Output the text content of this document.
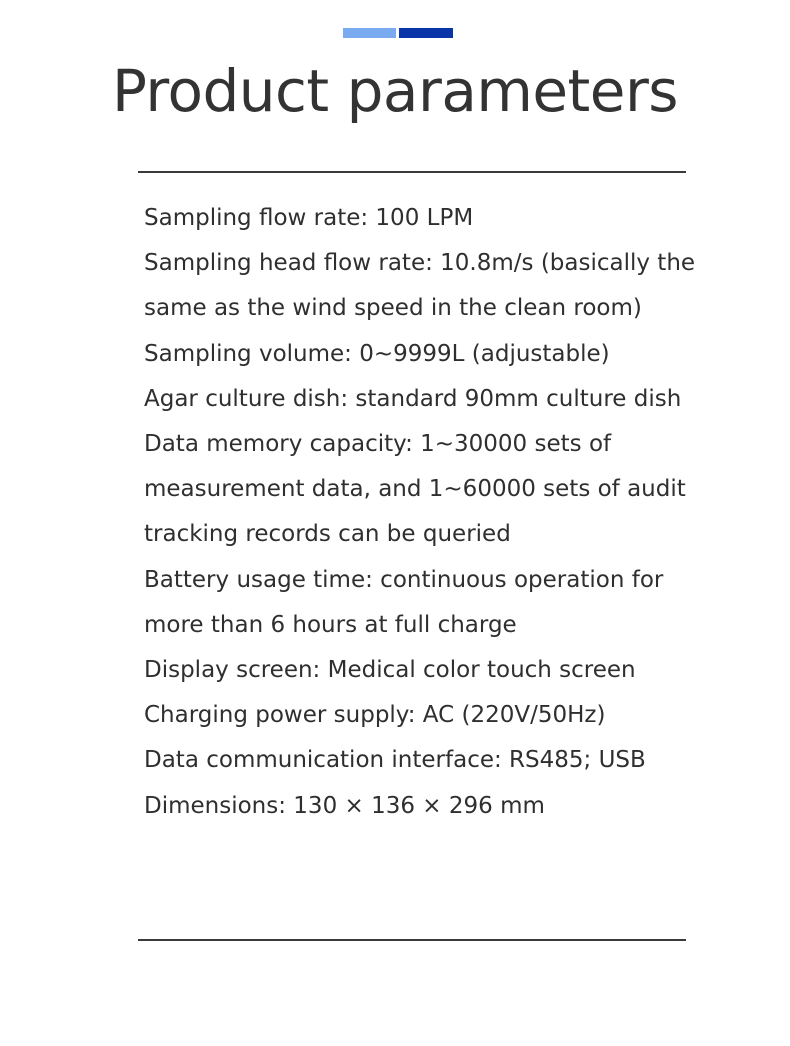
Product parameters
Sampling flow rate: 100 LPM
Sampling head flow rate: 10.8m/s (basically the same as the wind speed in the clean room)
Sampling volume: 0~9999L (adjustable)
Agar culture dish: standard 90mm culture dish
Data memory capacity: 1~30000 sets of measurement data, and 1~60000 sets of audit tracking records can be queried
Battery usage time: continuous operation for more than 6 hours at full charge
Display screen: Medical color touch screen
Charging power supply: AC (220V/50Hz)
Data communication interface: RS485; USB
Dimensions: 130 × 136 × 296 mm
